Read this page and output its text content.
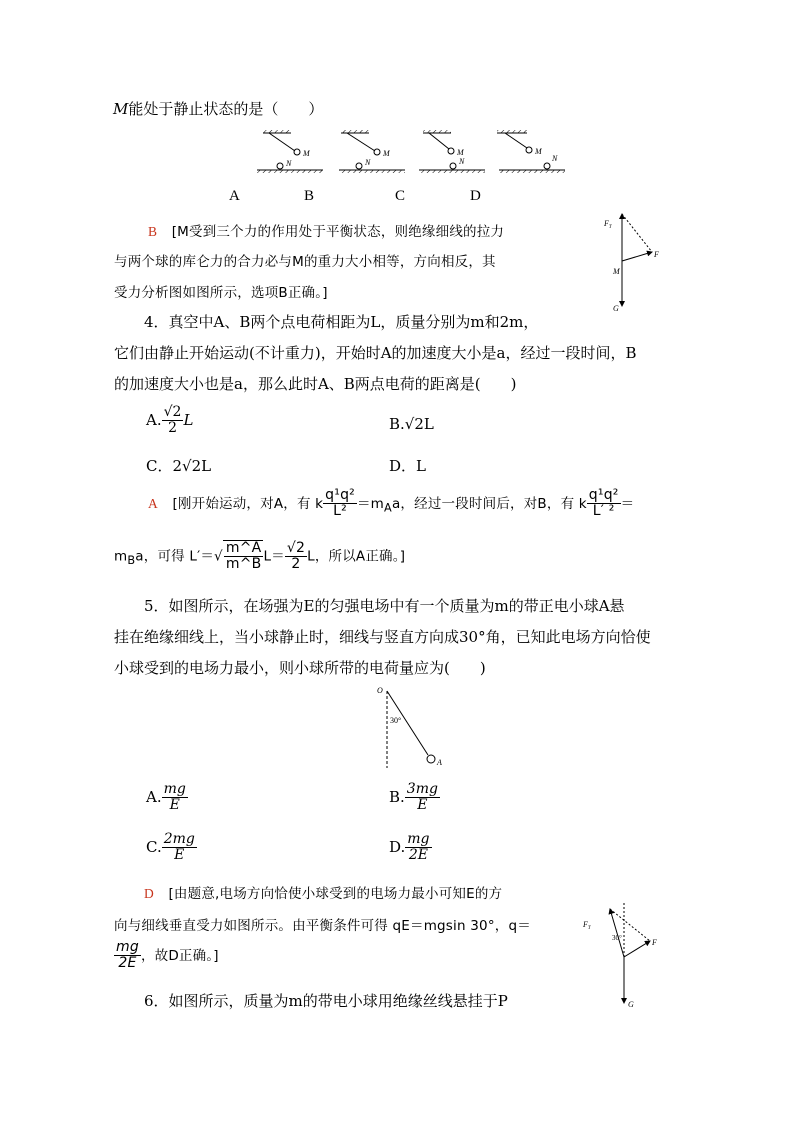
M能处于静止状态的是（　　）
M
N
M
N
M
N
M
N
A	B	C	D
B [M受到三个力的作用处于平衡状态，则绝缘细线的拉力
与两个球的库仑力的合力必与M的重力大小相等，方向相反，其
受力分析图如图所示，选项B正确。]
$F_T$
F
M
G
4．真空中A、B两个点电荷相距为L，质量分别为m和2m，
它们由静止开始运动(不计重力)，开始时A的加速度大小是a，经过一段时间，B
的加速度大小也是a，那么此时A、B两点电荷的距离是(　　)
A. $\frac{√2}{2}$ L	B.√2L
C．2√2L	D．L
A [刚开始运动，对A，有 k $\frac{\text{q¹q²}}{\text{L²}} =m_Aa$，经过一段时间后，对B，有 k $\frac{\text{q¹q²}}{\text{L′ ²}}$ ＝
$m_Ba$，可得 $L'=√ \frac{m\^{}A}{m\^{}B} L= \frac{√2}{2}$ L，所以A正确。]
5．如图所示，在场强为E的匀强电场中有一个质量为m的带正电小球A悬
挂在绝缘细线上，当小球静止时，细线与竖直方向成30°角，已知此电场方向恰使
小球受到的电场力最小，则小球所带的电荷量应为(　　)
O
30°
A
A. $\frac{mg}{E}$	B. $\frac{3mg}{E}$
C. $\frac{2mg}{E}$	D. $\frac{mg}{2E}$
D [由题意,电场方向恰使小球受到的电场力最小可知E的方
向与细线垂直受力如图所示。由平衡条件可得 qE＝mgsin 30°，q＝
$\frac{mg}{2E}$ ，故D正确。]
$F_T$
30°	F
G
6．如图所示，质量为m的带电小球用绝缘丝线悬挂于P
